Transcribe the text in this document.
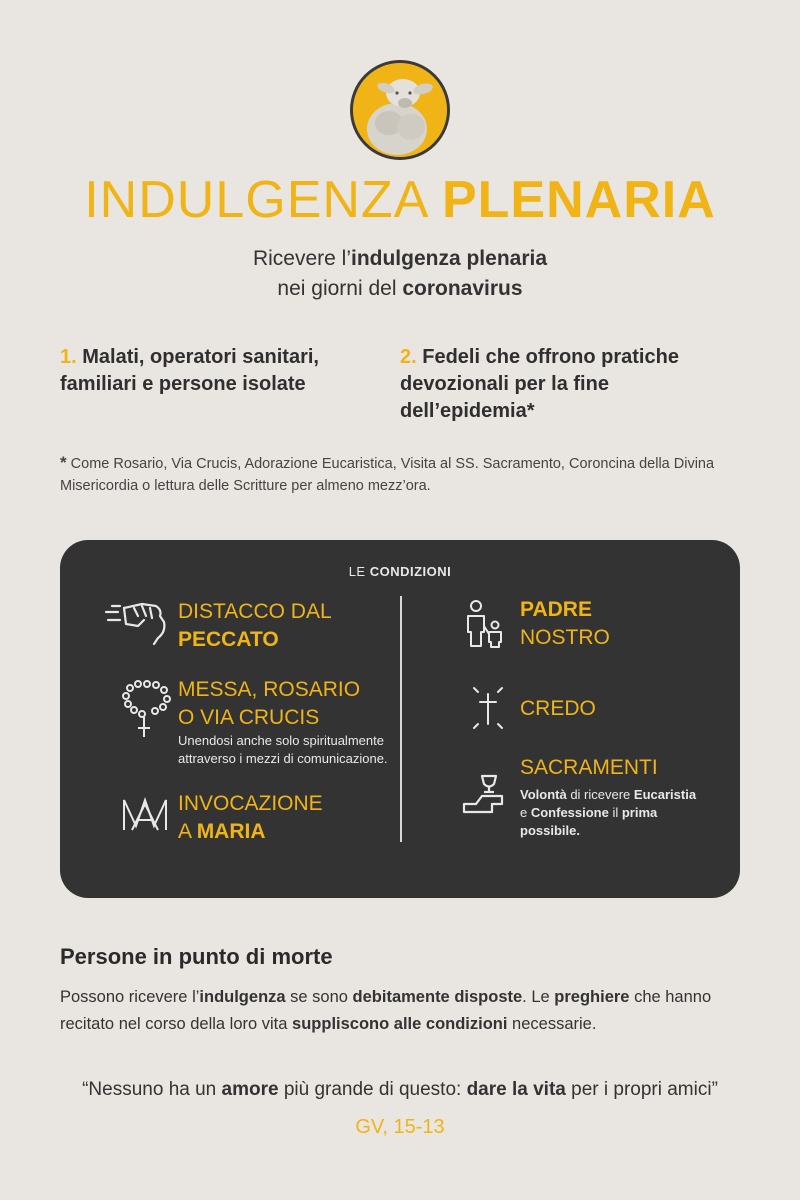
INDULGENZA PLENARIA
Ricevere l’indulgenza plenaria
nei giorni del coronavirus
1. Malati, operatori sanitari,
familiari e persone isolate
2. Fedeli che offrono pratiche
devozionali per la fine
dell’epidemia*
* Come Rosario, Via Crucis, Adorazione Eucaristica, Visita al SS. Sacramento, Coroncina della Divina Misericordia o lettura delle Scritture per almeno mezz’ora.
LE CONDIZIONI
DISTACCO DAL
PECCATO
MESSA, ROSARIO
O VIA CRUCIS
Unendosi anche solo spiritualmente
attraverso i mezzi di comunicazione.
INVOCAZIONE
A MARIA
PADRE
NOSTRO
CREDO
SACRAMENTI
Volontà di ricevere Eucaristia
e Confessione il prima
possibile.
Persone in punto di morte
Possono ricevere l’indulgenza se sono debitamente disposte. Le preghiere che hanno recitato nel corso della loro vita suppliscono alle condizioni necessarie.
“Nessuno ha un amore più grande di questo: dare la vita per i propri amici”
GV, 15-13
